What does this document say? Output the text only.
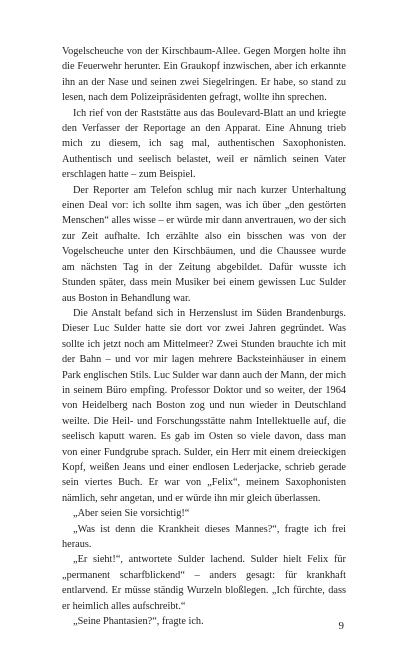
Vogelscheuche von der Kirschbaum-Allee. Gegen Morgen holte ihn die Feuerwehr herunter. Ein Graukopf inzwischen, aber ich erkannte ihn an der Nase und seinen zwei Siegelringen. Er habe, so stand zu lesen, nach dem Polizeipräsidenten gefragt, wollte ihn sprechen.

Ich rief von der Raststätte aus das Boulevard-Blatt an und kriegte den Verfasser der Reportage an den Apparat. Eine Ahnung trieb mich zu diesem, ich sag mal, authentischen Saxophonisten. Authentisch und seelisch belastet, weil er nämlich seinen Vater erschlagen hatte – zum Beispiel.

Der Reporter am Telefon schlug mir nach kurzer Unterhaltung einen Deal vor: ich sollte ihm sagen, was ich über „den gestörten Menschen“ alles wisse – er würde mir dann anvertrauen, wo der sich zur Zeit aufhalte. Ich erzählte also ein bisschen was von der Vogelscheuche unter den Kirschbäumen, und die Chaussee wurde am nächsten Tag in der Zeitung abgebildet. Dafür wusste ich Stunden später, dass mein Musiker bei einem gewissen Luc Sulder aus Boston in Behandlung war.

Die Anstalt befand sich in Herzenslust im Süden Brandenburgs. Dieser Luc Sulder hatte sie dort vor zwei Jahren gegründet. Was sollte ich jetzt noch am Mittelmeer? Zwei Stunden brauchte ich mit der Bahn – und vor mir lagen mehrere Backsteinhäuser in einem Park englischen Stils. Luc Sulder war dann auch der Mann, der mich in seinem Büro empfing. Professor Doktor und so weiter, der 1964 von Heidelberg nach Boston zog und nun wieder in Deutschland weilte. Die Heil- und Forschungsstätte nahm Intellektuelle auf, die seelisch kaputt waren. Es gab im Osten so viele davon, dass man von einer Fundgrube sprach. Sulder, ein Herr mit einem dreieckigen Kopf, weißen Jeans und einer endlosen Lederjacke, schrieb gerade sein viertes Buch. Er war von „Felix“, meinem Saxophonisten nämlich, sehr angetan, und er würde ihn mir gleich überlassen.

„Aber seien Sie vorsichtig!“

„Was ist denn die Krankheit dieses Mannes?“, fragte ich frei heraus.

„Er sieht!“, antwortete Sulder lachend. Sulder hielt Felix für „permanent scharfblickend“ – anders gesagt: für krankhaft entlarvend. Er müsse ständig Wurzeln bloßlegen. „Ich fürchte, dass er heimlich alles aufschreibt.“

„Seine Phantasien?“, fragte ich.	9
